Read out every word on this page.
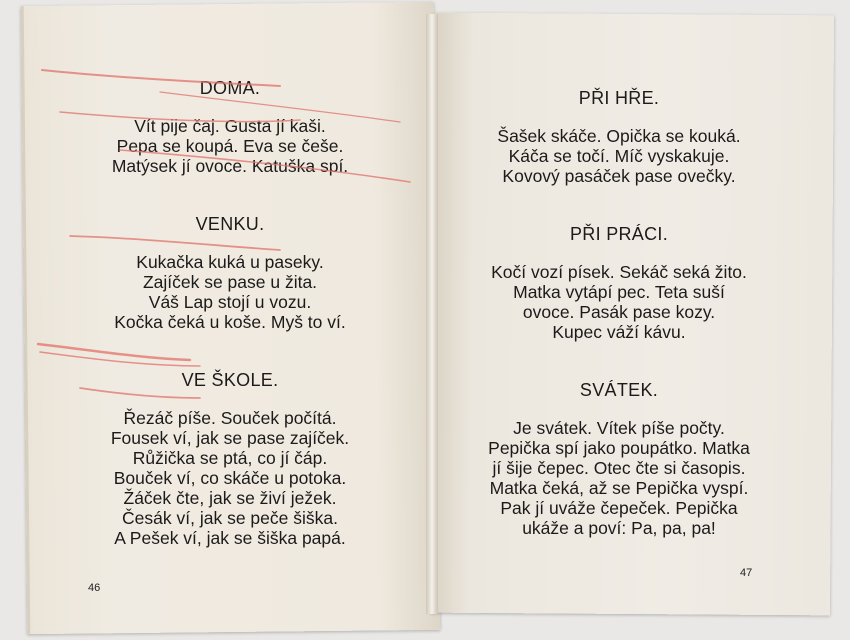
DOMA.
Vít pije čaj. Gusta jí kaši.
Pepa se koupá. Eva se češe.
Matýsek jí ovoce. Katuška spí.
VENKU.
Kukačka kuká u paseky.
Zajíček se pase u žita.
Váš Lap stojí u vozu.
Kočka čeká u koše. Myš to ví.
VE ŠKOLE.
Řezáč píše. Souček počítá.
Fousek ví, jak se pase zajíček.
Růžička se ptá, co jí čáp.
Bouček ví, co skáče u potoka.
Žáček čte, jak se živí ježek.
Česák ví, jak se peče šiška.
A Pešek ví, jak se šiška papá.
PŘI HŘE.
Šašek skáče. Opička se kouká.
Káča se točí. Míč vyskakuje.
Kovový pasáček pase ovečky.
PŘI PRÁCI.
Kočí vozí písek. Sekáč seká žito.
Matka vytápí pec. Teta suší
ovoce. Pasák pase kozy.
Kupec váží kávu.
SVÁTEK.
Je svátek. Vítek píše počty.
Pepička spí jako poupátko. Matka
jí šije čepec. Otec čte si časopis.
Matka čeká, až se Pepička vyspí.
Pak jí uváže čepeček. Pepička
ukáže a poví: Pa, pa, pa!
46
47
